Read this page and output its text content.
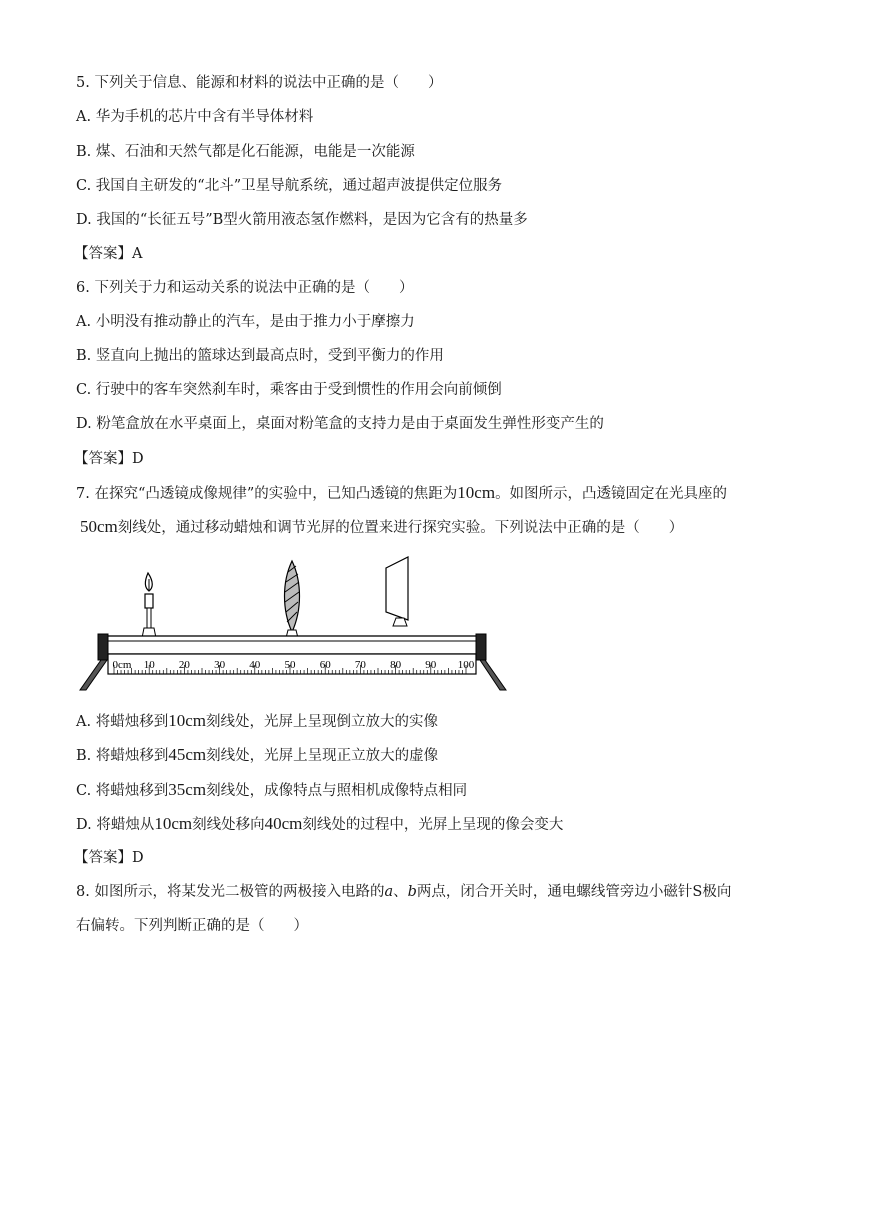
5. 下列关于信息、能源和材料的说法中正确的是（　　）
A. 华为手机的芯片中含有半导体材料
B. 煤、石油和天然气都是化石能源，电能是一次能源
C. 我国自主研发的“北斗”卫星导航系统，通过超声波提供定位服务
D. 我国的“长征五号”B型火箭用液态氢作燃料，是因为它含有的热量多
【答案】A
6. 下列关于力和运动关系的说法中正确的是（　　）
A. 小明没有推动静止的汽车，是由于推力小于摩擦力
B. 竖直向上抛出的篮球达到最高点时，受到平衡力的作用
C. 行驶中的客车突然刹车时，乘客由于受到惯性的作用会向前倾倒
D. 粉笔盒放在水平桌面上，桌面对粉笔盒的支持力是由于桌面发生弹性形变产生的
【答案】D
7. 在探究“凸透镜成像规律”的实验中，已知凸透镜的焦距为10cm。如图所示，凸透镜固定在光具座的
50cm刻线处，通过移动蜡烛和调节光屏的位置来进行探究实验。下列说法中正确的是（　　）
0cm 10 20 30 40 50 60 70 80 90 100
A. 将蜡烛移到10cm刻线处，光屏上呈现倒立放大的实像
B. 将蜡烛移到45cm刻线处，光屏上呈现正立放大的虚像
C. 将蜡烛移到35cm刻线处，成像特点与照相机成像特点相同
D. 将蜡烛从10cm刻线处移向40cm刻线处的过程中，光屏上呈现的像会变大
【答案】D
8. 如图所示，将某发光二极管的两极接入电路的a、b两点，闭合开关时，通电螺线管旁边小磁针S极向
右偏转。下列判断正确的是（　　）
